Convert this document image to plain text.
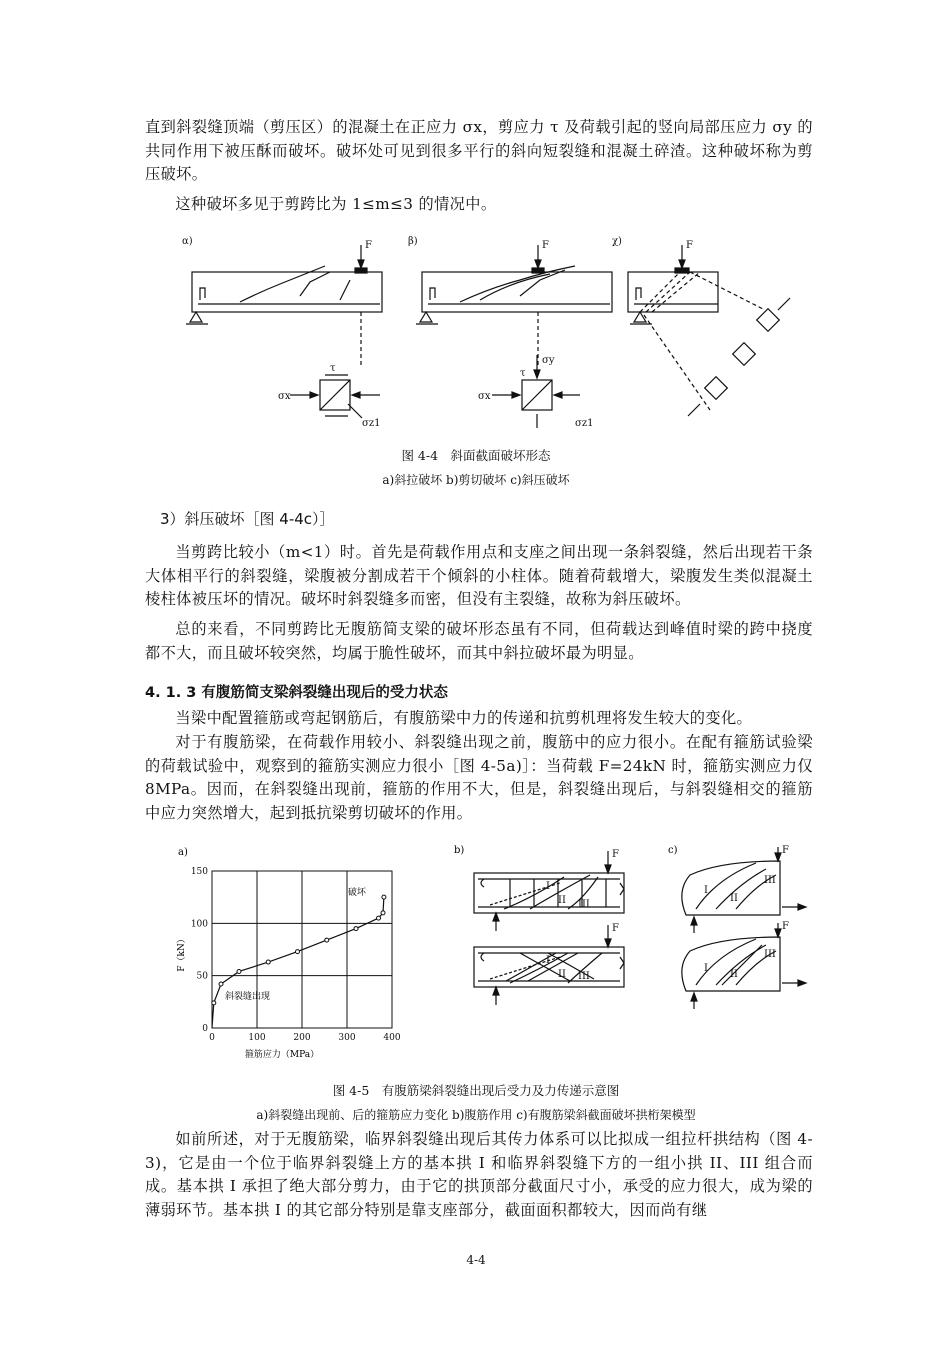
直到斜裂缝顶端（剪压区）的混凝土在正应力 σx，剪应力 τ 及荷载引起的竖向局部压应力 σy 的共同作用下被压酥而破坏。破坏处可见到很多平行的斜向短裂缝和混凝土碎渣。这种破坏称为剪压破坏。

这种破坏多见于剪跨比为 1≤m≤3 的情况中。

α)	β)	χ)
F	F	F
σx
τ
σz1
σx
τ
σy
σz1

图 4-4　斜面截面破坏形态

a)斜拉破坏 b)剪切破坏 c)斜压破坏

3）斜压破坏［图 4-4c）］

当剪跨比较小（m<1）时。首先是荷载作用点和支座之间出现一条斜裂缝，然后出现若干条大体相平行的斜裂缝，梁腹被分割成若干个倾斜的小柱体。随着荷载增大，梁腹发生类似混凝土棱柱体被压坏的情况。破坏时斜裂缝多而密，但没有主裂缝，故称为斜压破坏。

总的来看，不同剪跨比无腹筋简支梁的破坏形态虽有不同，但荷载达到峰值时梁的跨中挠度都不大，而且破坏较突然，均属于脆性破坏，而其中斜拉破坏最为明显。

4. 1. 3 有腹筋简支梁斜裂缝出现后的受力状态

当梁中配置箍筋或弯起钢筋后，有腹筋梁中力的传递和抗剪机理将发生较大的变化。

对于有腹筋梁，在荷载作用较小、斜裂缝出现之前，腹筋中的应力很小。在配有箍筋试验梁的荷载试验中，观察到的箍筋实测应力很小［图 4-5a)］：当荷载 F=24kN 时，箍筋实测应力仅 8MPa。因而，在斜裂缝出现前，箍筋的作用不大，但是，斜裂缝出现后，与斜裂缝相交的箍筋中应力突然增大，起到抵抗梁剪切破坏的作用。

a)
0	100	200	300	400
0
50
100
150
破坏
斜裂缝出现
箍筋应力（MPa）
F（kN）
b)	F
F
I
II III
I
II III
c)	F
F
I
II
III
I
II
III

图 4-5　有腹筋梁斜裂缝出现后受力及力传递示意图

a)斜裂缝出现前、后的箍筋应力变化 b)腹筋作用 c)有腹筋梁斜截面破坏拱桁架模型

如前所述，对于无腹筋梁，临界斜裂缝出现后其传力体系可以比拟成一组拉杆拱结构（图 4-3)，它是由一个位于临界斜裂缝上方的基本拱 I 和临界斜裂缝下方的一组小拱 II、III 组合而成。基本拱 I 承担了绝大部分剪力，由于它的拱顶部分截面尺寸小，承受的应力很大，成为梁的薄弱环节。基本拱 I 的其它部分特别是靠支座部分，截面面积都较大，因而尚有继

4-4
